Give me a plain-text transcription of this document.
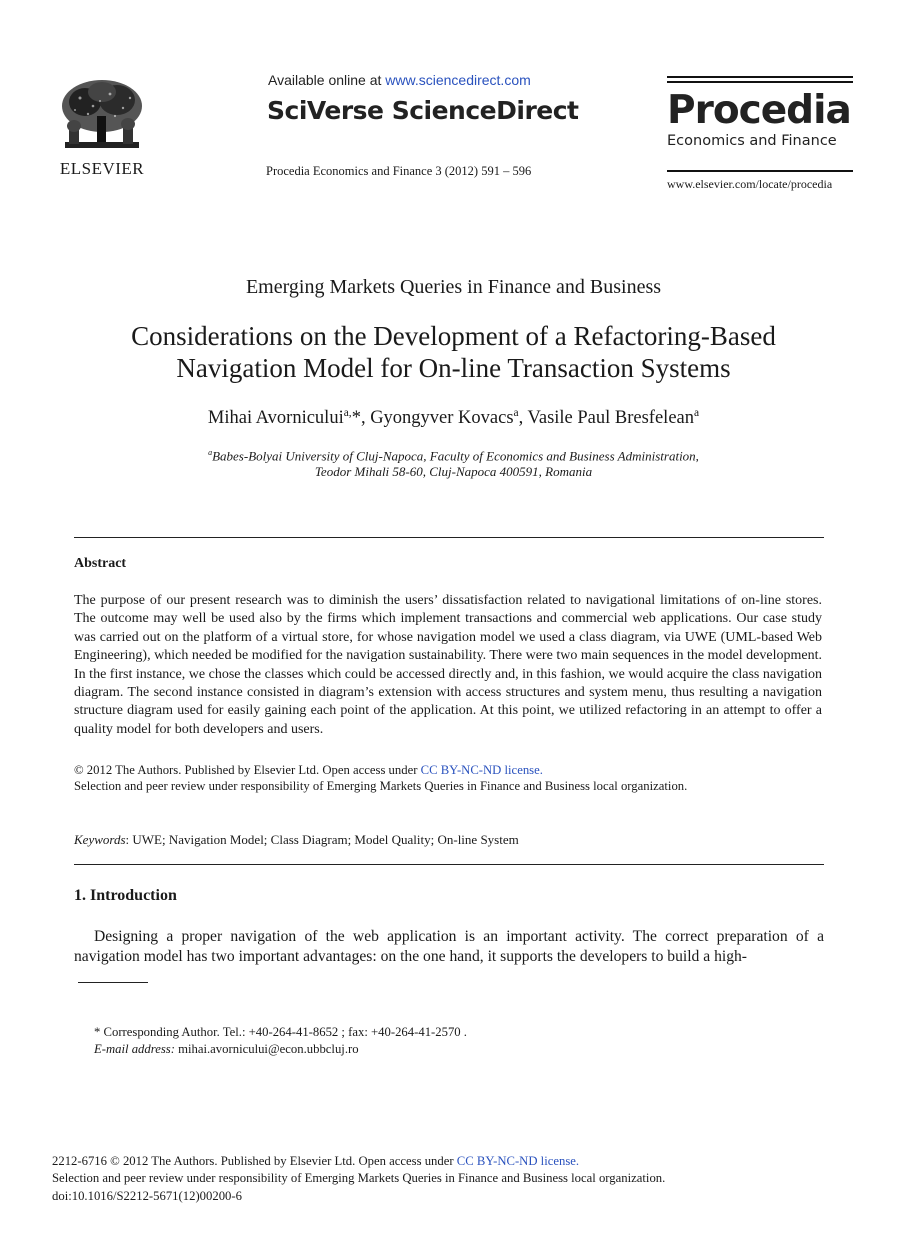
ELSEVIER
Available online at www.sciencedirect.com
SciVerse ScienceDirect
Procedia Economics and Finance 3 (2012) 591 – 596
Procedia
Economics and Finance
www.elsevier.com/locate/procedia
Emerging Markets Queries in Finance and Business
Considerations on the Development of a Refactoring-Based
Navigation Model for On-line Transaction Systems
Mihai Avornicului$^{a,}$*, Gyongyver Kovacs$^a$, Vasile Paul Bresfelean$^a$
$^a$Babes-Bolyai University of Cluj-Napoca, Faculty of Economics and Business Administration,
Teodor Mihali 58-60, Cluj-Napoca 400591, Romania
Abstract
The purpose of our present research was to diminish the users’ dissatisfaction related to navigational limitations of on-line stores. The outcome may well be used also by the firms which implement transactions and commercial web applications. Our case study was carried out on the platform of a virtual store, for whose navigation model we used a class diagram, via UWE (UML-based Web Engineering), which needed be modified for the navigation sustainability. There were two main sequences in the model development. In the first instance, we chose the classes which could be accessed directly and, in this fashion, we would acquire the class navigation diagram. The second instance consisted in diagram’s extension with access structures and system menu, thus resulting a navigation structure diagram used for easily gaining each point of the application. At this point, we utilized refactoring in an attempt to offer a quality model for both developers and users.
© 2012 The Authors. Published by Elsevier Ltd. Open access under CC BY-NC-ND license.
Selection and peer review under responsibility of Emerging Markets Queries in Finance and Business local organization.
Keywords: UWE; Navigation Model; Class Diagram; Model Quality; On-line System
1. Introduction
Designing a proper navigation of the web application is an important activity. The correct preparation of a navigation model has two important advantages: on the one hand, it supports the developers to build a high-
* Corresponding Author. Tel.: +40-264-41-8652 ; fax: +40-264-41-2570 .
E-mail address: mihai.avornicului@econ.ubbcluj.ro
2212-6716 © 2012 The Authors. Published by Elsevier Ltd. Open access under CC BY-NC-ND license.
Selection and peer review under responsibility of Emerging Markets Queries in Finance and Business local organization.
doi:10.1016/S2212-5671(12)00200-6
